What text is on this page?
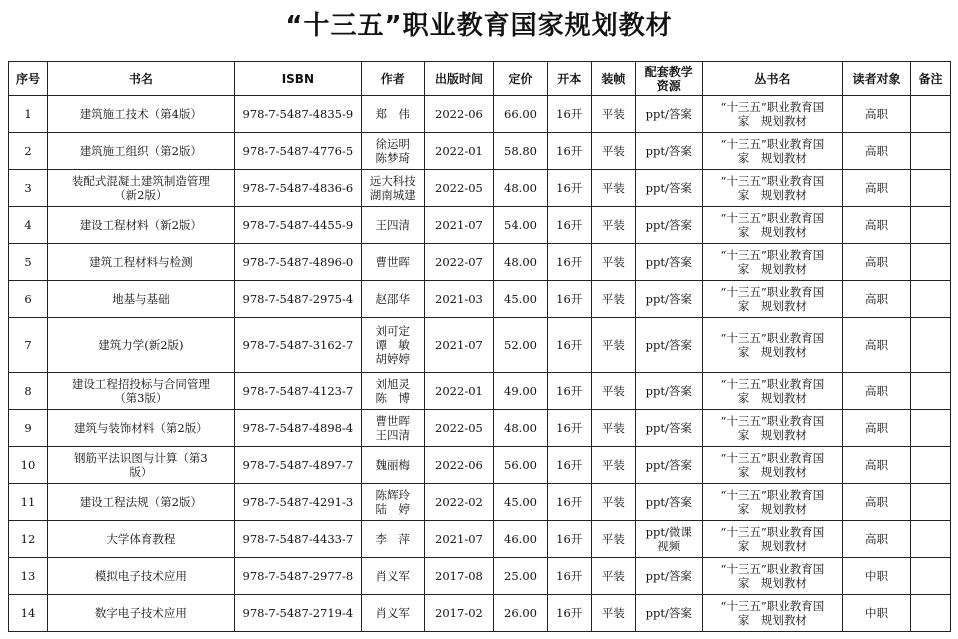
“十三五”职业教育国家规划教材
序号	书名	ISBN	作者	出版时间	定价	开本	装帧	配套教学
资源	丛书名	读者对象	备注
1	建筑施工技术（第4版）	978-7-5487-4835-9	郑　伟	2022-06	66.00	16开	平装	ppt/答案	“十三五”职业教育国
家　规划教材	高职	
2	建筑施工组织（第2版）	978-7-5487-4776-5	徐运明
陈梦琦	2022-01	58.80	16开	平装	ppt/答案	“十三五”职业教育国
家　规划教材	高职	
3	装配式混凝土建筑制造管理
（新2版）	978-7-5487-4836-6	远大科技
湖南城建	2022-05	48.00	16开	平装	ppt/答案	“十三五”职业教育国
家　规划教材	高职	
4	建设工程材料（新2版）	978-7-5487-4455-9	王四清	2021-07	54.00	16开	平装	ppt/答案	“十三五”职业教育国
家　规划教材	高职	
5	建筑工程材料与检测	978-7-5487-4896-0	曹世晖	2022-07	48.00	16开	平装	ppt/答案	“十三五”职业教育国
家　规划教材	高职	
6	地基与基础	978-7-5487-2975-4	赵邵华	2021-03	45.00	16开	平装	ppt/答案	“十三五”职业教育国
家　规划教材	高职	
7	建筑力学(新2版)	978-7-5487-3162-7	刘可定
谭　敏
胡婷婷	2021-07	52.00	16开	平装	ppt/答案	“十三五”职业教育国
家　规划教材	高职	
8	建设工程招投标与合同管理
（第3版）	978-7-5487-4123-7	刘旭灵
陈　博	2022-01	49.00	16开	平装	ppt/答案	“十三五”职业教育国
家　规划教材	高职	
9	建筑与装饰材料（第2版）	978-7-5487-4898-4	曹世晖
王四清	2022-05	48.00	16开	平装	ppt/答案	“十三五”职业教育国
家　规划教材	高职	
10	钢筋平法识图与计算（第3
版）	978-7-5487-4897-7	魏丽梅	2022-06	56.00	16开	平装	ppt/答案	“十三五”职业教育国
家　规划教材	高职	
11	建设工程法规（第2版）	978-7-5487-4291-3	陈辉玲
陆　婷	2022-02	45.00	16开	平装	ppt/答案	“十三五”职业教育国
家　规划教材	高职	
12	大学体育教程	978-7-5487-4433-7	李　萍	2021-07	46.00	16开	平装	ppt/微课
视频	“十三五”职业教育国
家　规划教材	高职	
13	模拟电子技术应用	978-7-5487-2977-8	肖义军	2017-08	25.00	16开	平装	ppt/答案	“十三五”职业教育国
家　规划教材	中职	
14	数字电子技术应用	978-7-5487-2719-4	肖义军	2017-02	26.00	16开	平装	ppt/答案	“十三五”职业教育国
家　规划教材	中职	
